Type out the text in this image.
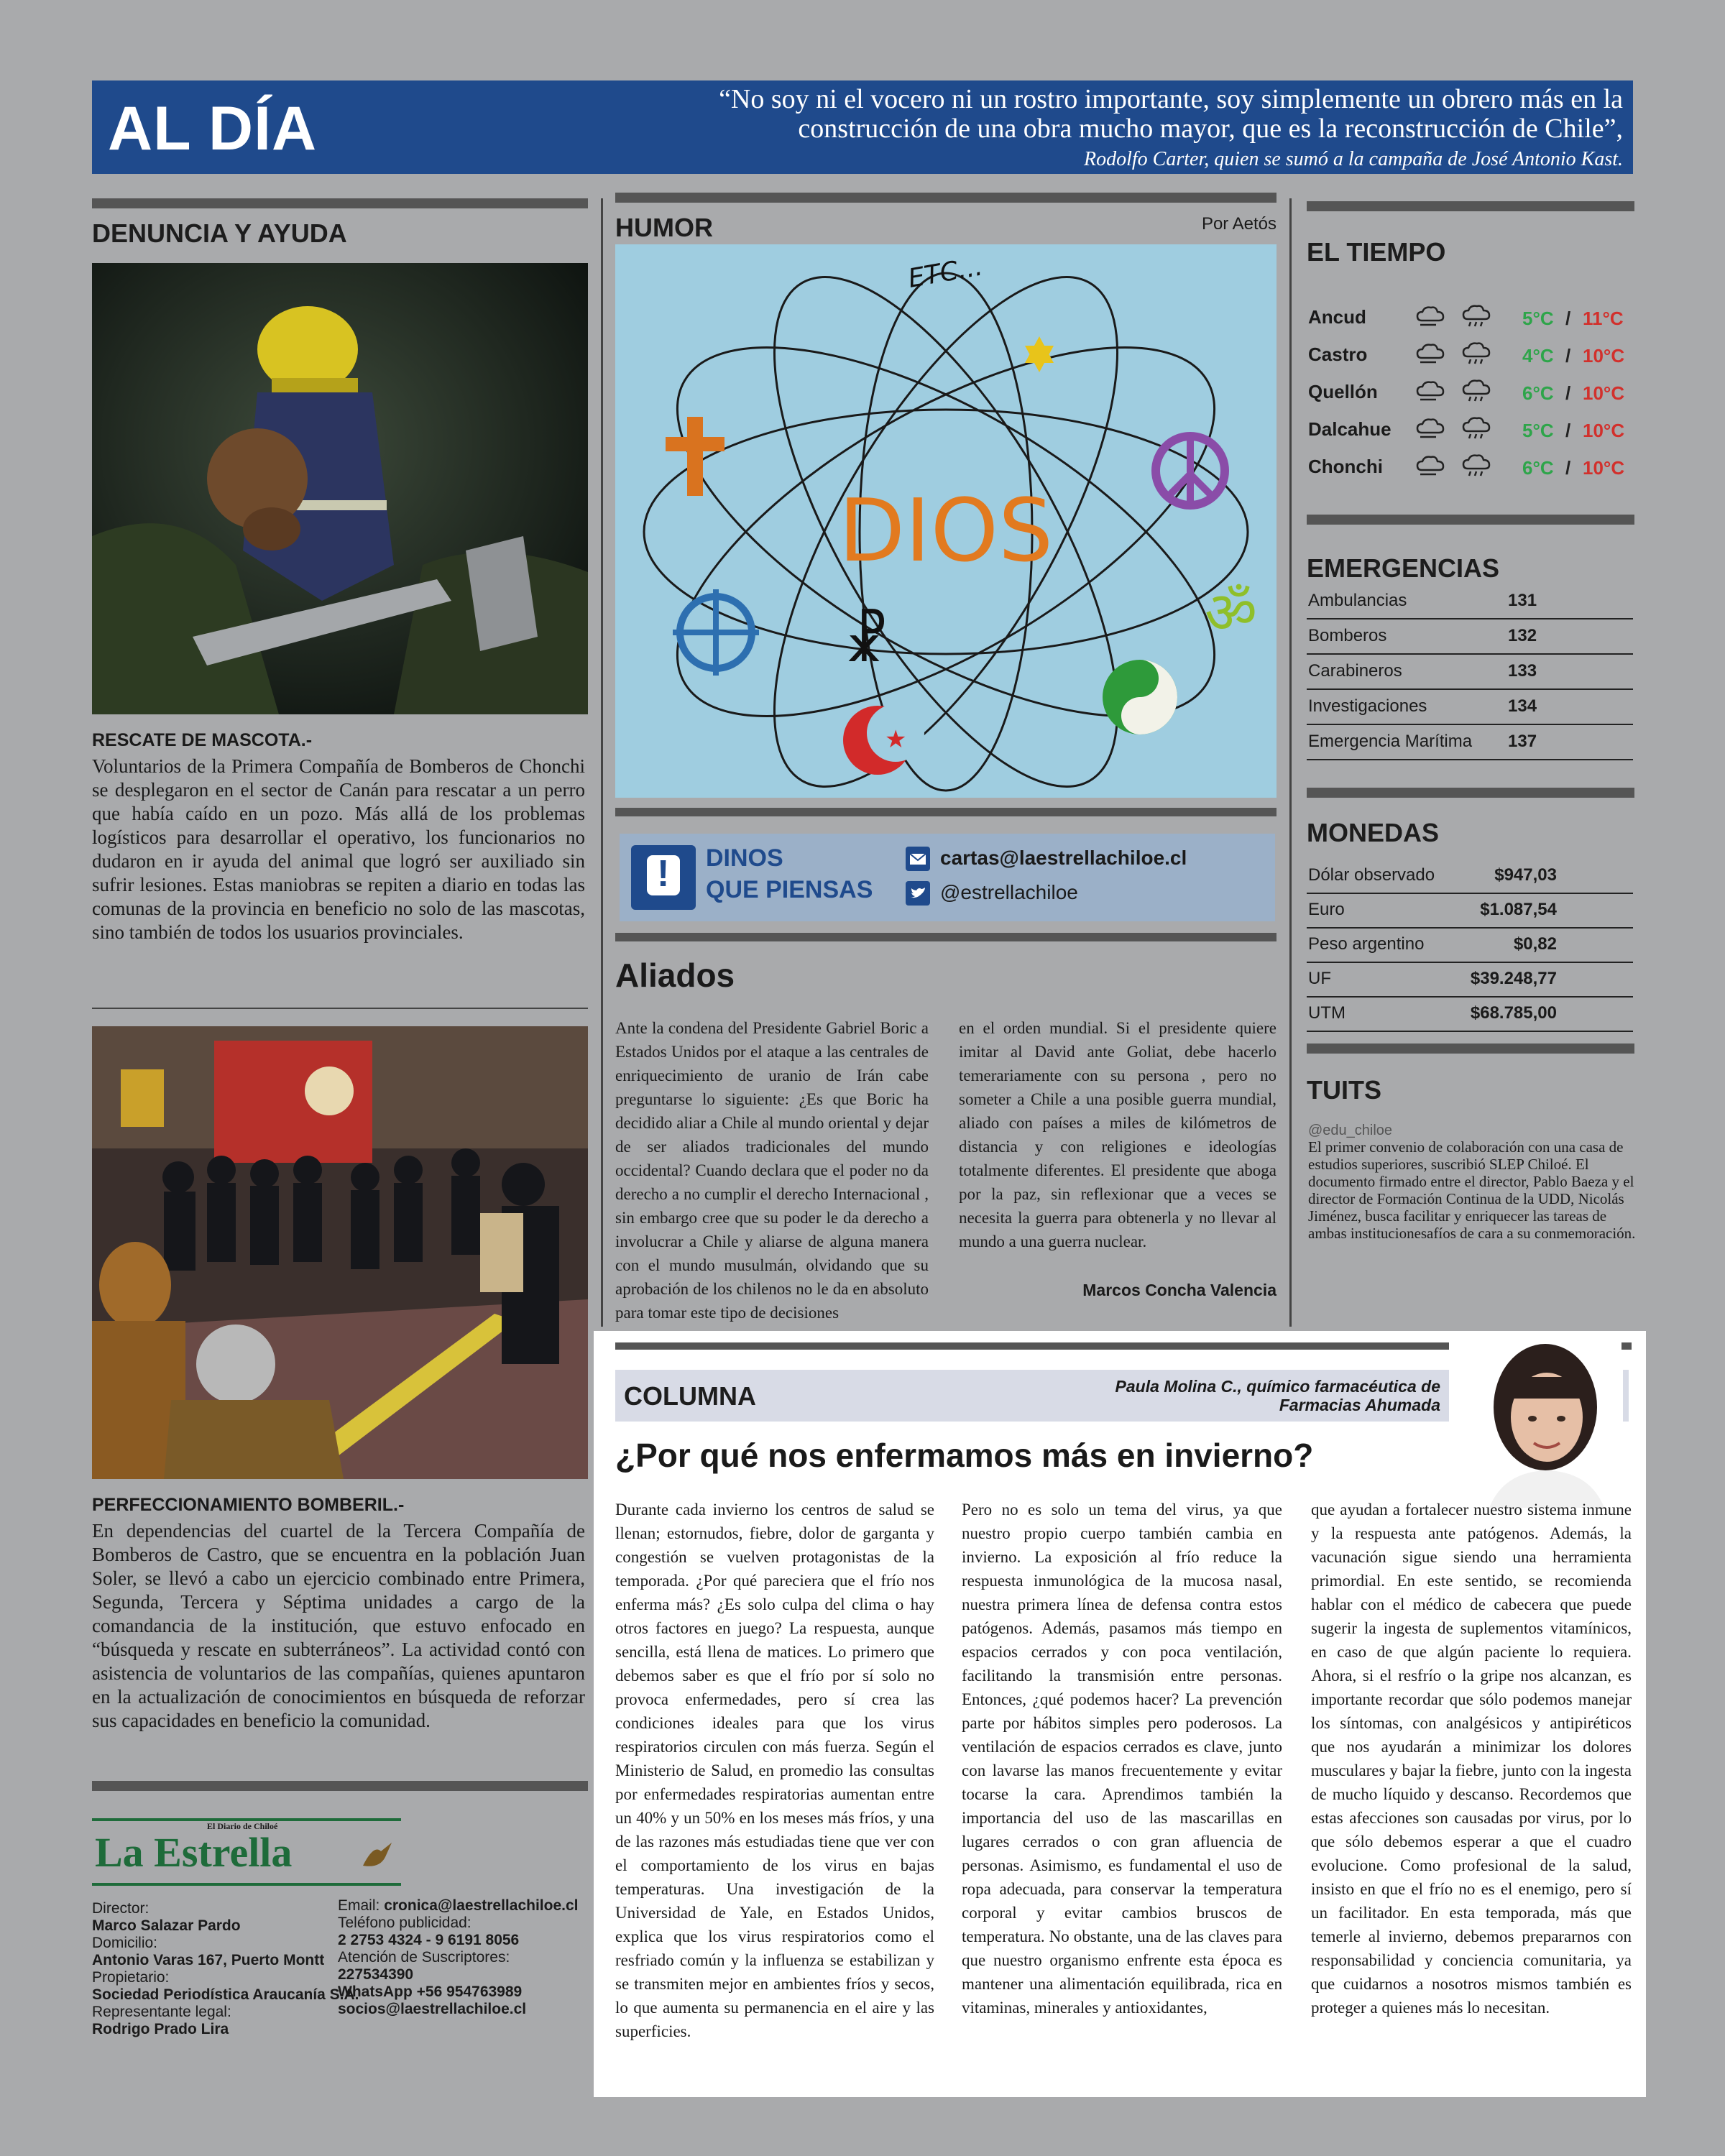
AL DÍA	“No soy ni el vocero ni un rostro importante, soy simplemente un obrero más en la construcción de una obra mucho mayor, que es la reconstrucción de Chile”,
Rodolfo Carter, quien se sumó a la campaña de José Antonio Kast.
DENUNCIA Y AYUDA
RESCATE DE MASCOTA.-
Voluntarios de la Primera Compañía de Bomberos de Chonchi se desplegaron en el sector de Canán para rescatar a un perro que había caído en un pozo. Más allá de los problemas logísticos para desarrollar el operativo, los funcionarios no dudaron en ir ayuda del animal que logró ser auxiliado sin sufrir lesiones. Estas maniobras se repiten a diario en todas las comunas de la provincia en beneficio no solo de las mascotas, sino también de todos los usuarios provinciales.
PERFECCIONAMIENTO BOMBERIL.-
En dependencias del cuartel de la Tercera Compañía de Bomberos de Castro, que se encuentra en la población Juan Soler, se llevó a cabo un ejercicio combinado entre Primera, Segunda, Tercera y Séptima unidades a cargo de la comandancia de la institución, que estuvo enfocado en “búsqueda y rescate en subterráneos”. La actividad contó con asistencia de voluntarios de las compañías, quienes apuntaron en la actualización de conocimientos en búsqueda de reforzar sus capacidades en beneficio la comunidad.
El Diario de Chiloé
La Estrella
Director:
Marco Salazar Pardo
Domicilio:
Antonio Varas 167, Puerto Montt
Propietario:
Sociedad Periodística Araucanía S.A.
Representante legal:
Rodrigo Prado Lira
Email: cronica@laestrellachiloe.cl
Teléfono publicidad:
2 2753 4324 - 9 6191 8056
Atención de Suscriptores:
227534390
WhatsApp +56 954763989
socios@laestrellachiloe.cl
HUMOR	Por Aetós
ॐ
★
☧
DIOS
ETC...
! DINOS
QUE PIENSAS
cartas@laestrellachiloe.cl
@estrellachiloe
Aliados
Ante la condena del Presidente Gabriel Boric a Estados Unidos por el ataque a las centrales de enriquecimiento de uranio de Irán cabe preguntarse lo siguiente: ¿Es que Boric ha decidido aliar a Chile al mundo oriental y dejar de ser aliados tradicionales del mundo occidental? Cuando declara que el poder no da derecho a no cumplir el derecho Internacional , sin embargo cree que su poder le da derecho a involucrar a Chile y aliarse de alguna manera con el mundo musulmán, olvidando que su aprobación de los chilenos no le da en absoluto para tomar este tipo de decisiones
en el orden mundial. Si el presidente quiere imitar al David ante Goliat, debe hacerlo temerariamente con su persona , pero no someter a Chile a una posible guerra mundial, aliado con países a miles de kilómetros de distancia y con religiones e ideologías totalmente diferentes. El presidente que aboga por la paz, sin reflexionar que a veces se necesita la guerra para obtenerla y no llevar al mundo a una guerra nuclear.
Marcos Concha Valencia
EL TIEMPO
Ancud	5°C / 11°C
Castro	4°C / 10°C
Quellón	6°C / 10°C
Dalcahue	5°C / 10°C
Chonchi	6°C / 10°C
EMERGENCIAS
Ambulancias	131
Bomberos	132
Carabineros	133
Investigaciones	134
Emergencia Marítima 137
MONEDAS
Dólar observado	$947,03
Euro	$1.087,54
Peso argentino	$0,82
UF	$39.248,77
UTM	$68.785,00
TUITS
@edu_chiloe
El primer convenio de colaboración con una casa de estudios superiores, suscribió SLEP Chiloé. El documento firmado entre el director, Pablo Baeza y el director de Formación Continua de la UDD, Nicolás Jiménez, busca facilitar y enriquecer las tareas de ambas institucionesafíos de cara a su conmemoración.
COLUMNA	Paula Molina C., químico farmacéutica de
Farmacias Ahumada
¿Por qué nos enfermamos más en invierno?
Durante cada invierno los centros de salud se llenan; estornudos, fiebre, dolor de garganta y congestión se vuelven protagonistas de la temporada. ¿Por qué pareciera que el frío nos enferma más? ¿Es solo culpa del clima o hay otros factores en juego? La respuesta, aunque sencilla, está llena de matices. Lo primero que debemos saber es que el frío por sí solo no provoca enfermedades, pero sí crea las condiciones ideales para que los virus respiratorios circulen con más fuerza. Según el Ministerio de Salud, en promedio las consultas por enfermedades respiratorias aumentan entre un 40% y un 50% en los meses más fríos, y una de las razones más estudiadas tiene que ver con el comportamiento de los virus en bajas temperaturas. Una investigación de la Universidad de Yale, en Estados Unidos, explica que los virus respiratorios como el resfriado común y la influenza se estabilizan y se transmiten mejor en ambientes fríos y secos, lo que aumenta su permanencia en el aire y las superficies.
Pero no es solo un tema del virus, ya que nuestro propio cuerpo también cambia en invierno. La exposición al frío reduce la respuesta inmunológica de la mucosa nasal, nuestra primera línea de defensa contra estos patógenos. Además, pasamos más tiempo en espacios cerrados y con poca ventilación, facilitando la transmisión entre personas. Entonces, ¿qué podemos hacer? La prevención parte por hábitos simples pero poderosos. La ventilación de espacios cerrados es clave, junto con lavarse las manos frecuentemente y evitar tocarse la cara. Aprendimos también la importancia del uso de las mascarillas en lugares cerrados o con gran afluencia de personas. Asimismo, es fundamental el uso de ropa adecuada, para conservar la temperatura corporal y evitar cambios bruscos de temperatura. No obstante, una de las claves para que nuestro organismo enfrente esta época es mantener una alimentación equilibrada, rica en vitaminas, minerales y antioxidantes,
que ayudan a fortalecer nuestro sistema inmune y la respuesta ante patógenos. Además, la vacunación sigue siendo una herramienta primordial. En este sentido, se recomienda hablar con el médico de cabecera que puede sugerir la ingesta de suplementos vitamínicos, en caso de que algún paciente lo requiera. Ahora, si el resfrío o la gripe nos alcanzan, es importante recordar que sólo podemos manejar los síntomas, con analgésicos y antipiréticos que nos ayudarán a minimizar los dolores musculares y bajar la fiebre, junto con la ingesta de mucho líquido y descanso. Recordemos que estas afecciones son causadas por virus, por lo que sólo debemos esperar a que el cuadro evolucione. Como profesional de la salud, insisto en que el frío no es el enemigo, pero sí un facilitador. En esta temporada, más que temerle al invierno, debemos prepararnos con responsabilidad y conciencia comunitaria, ya que cuidarnos a nosotros mismos también es proteger a quienes más lo necesitan.
